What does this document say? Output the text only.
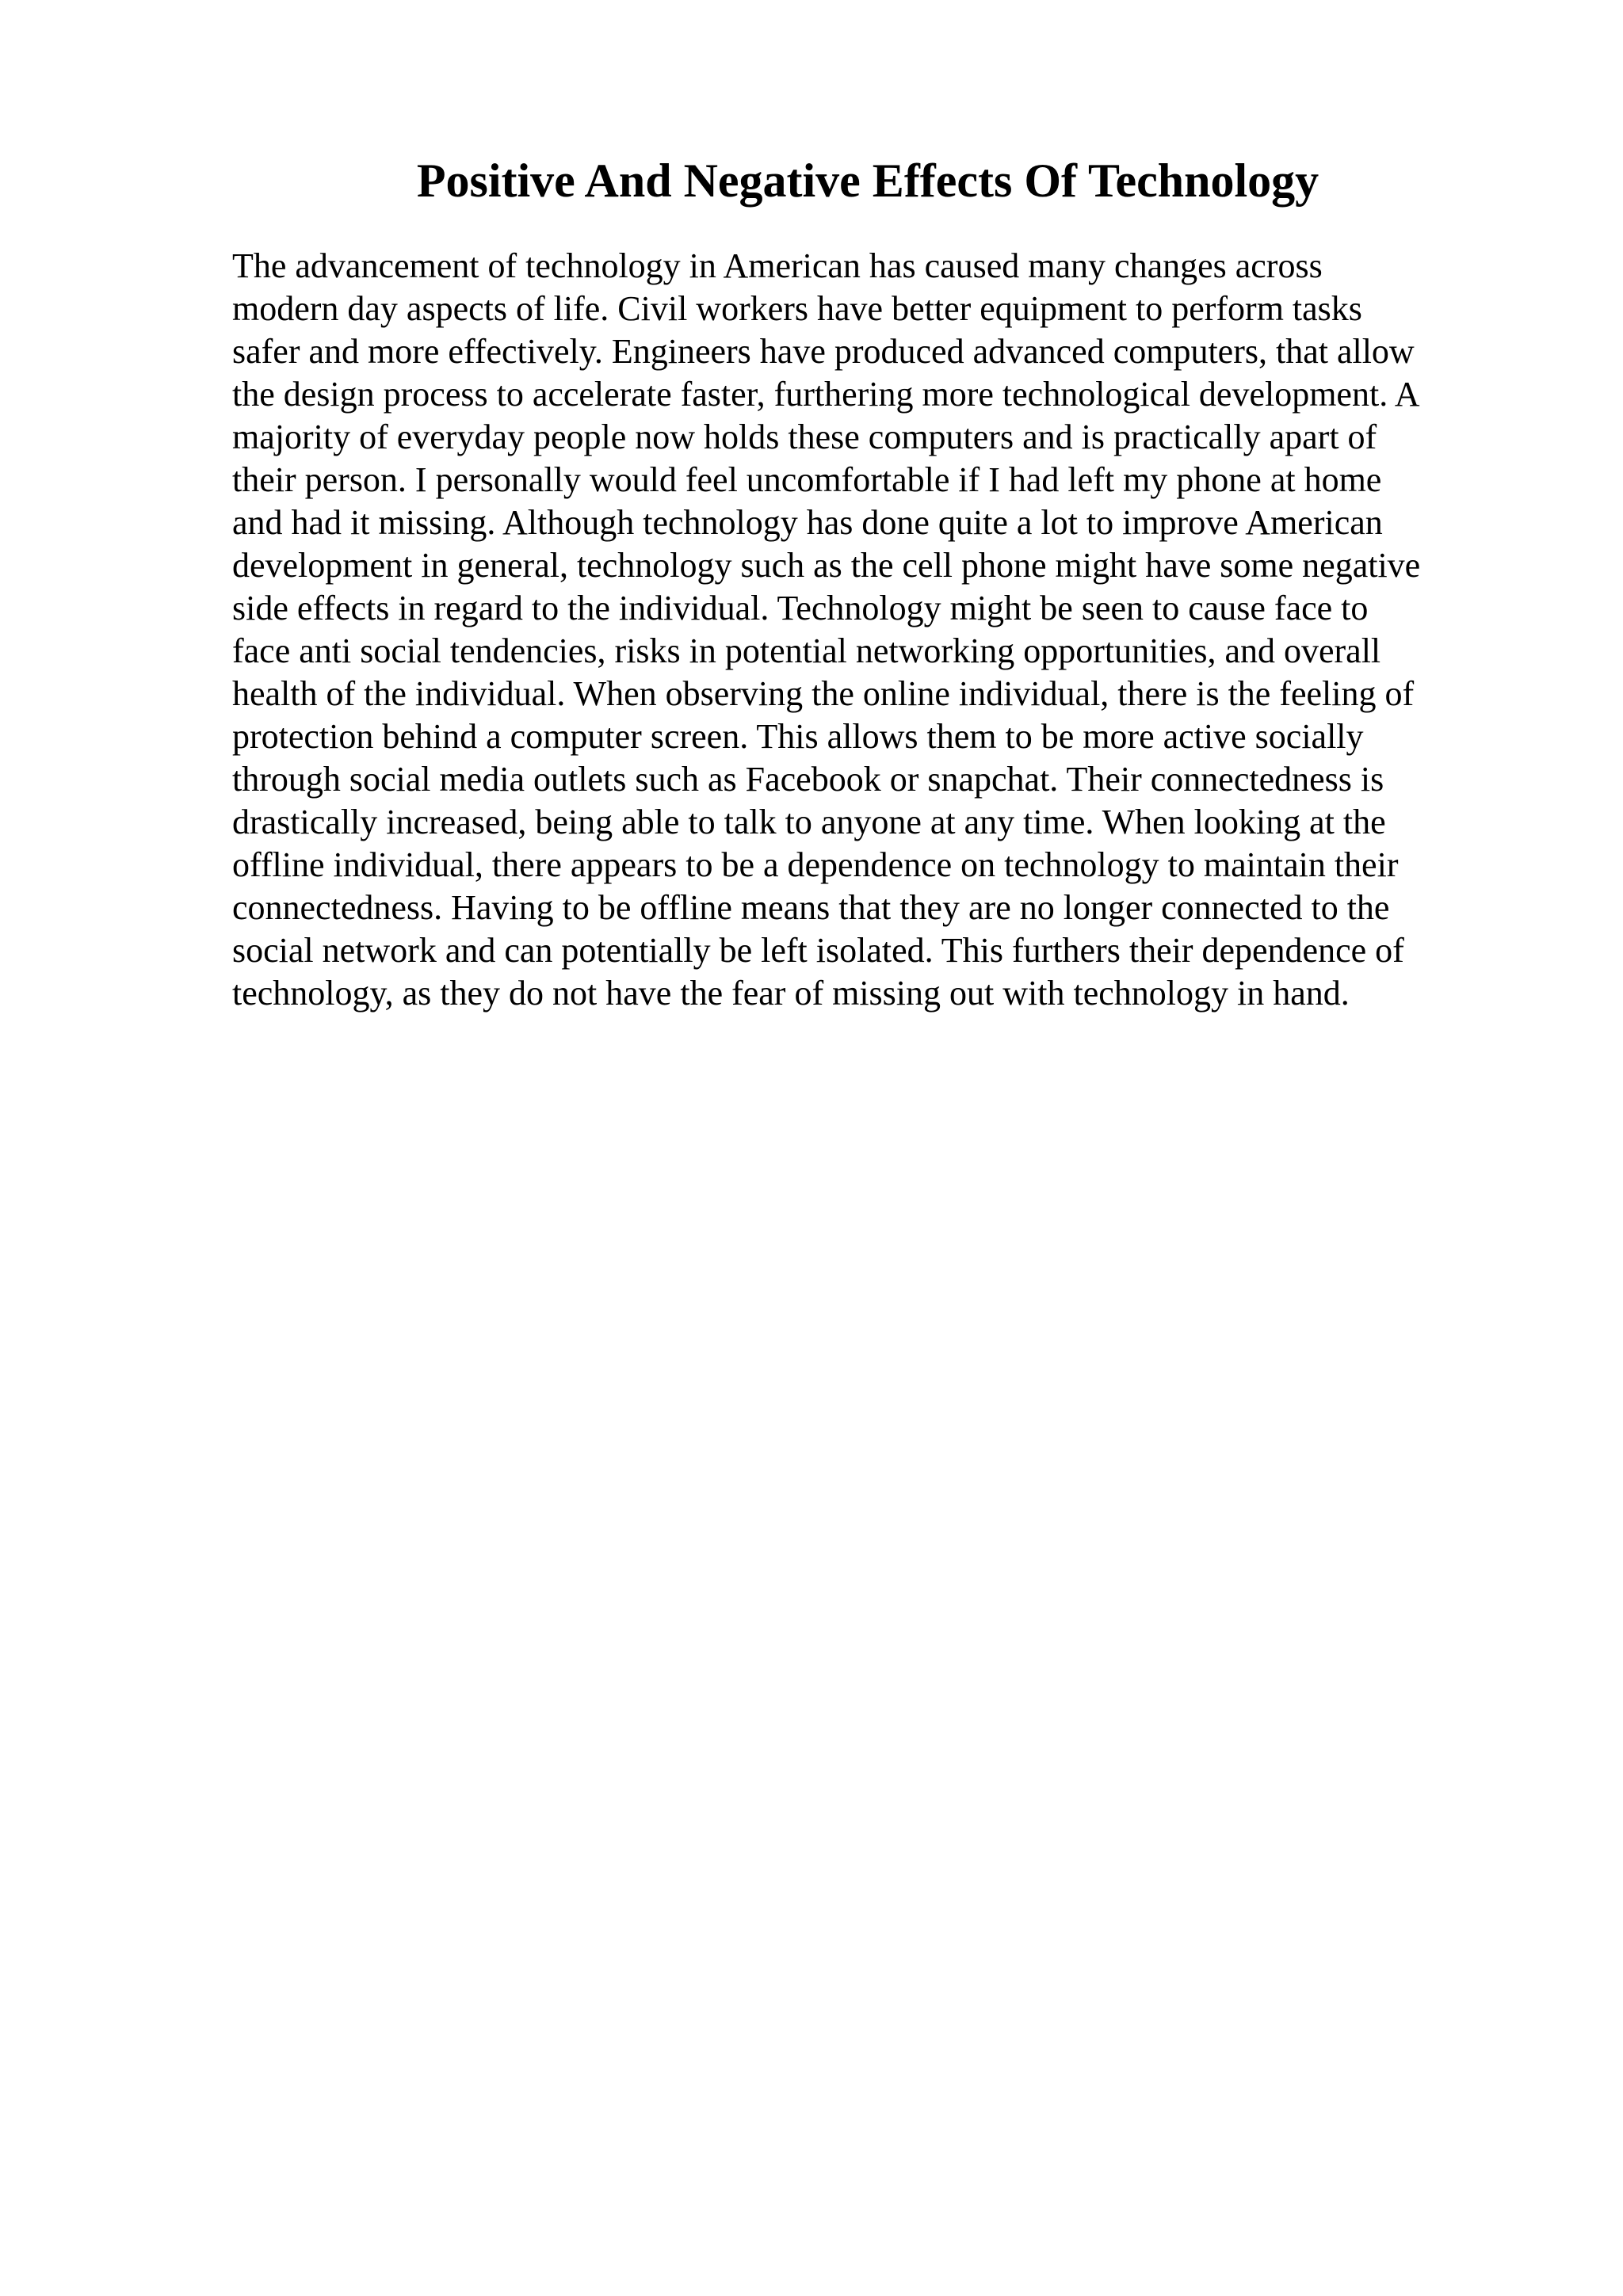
Positive And Negative Effects Of Technology
The advancement of technology in American has caused many changes across
modern day aspects of life. Civil workers have better equipment to perform tasks
safer and more effectively. Engineers have produced advanced computers, that allow
the design process to accelerate faster, furthering more technological development. A
majority of everyday people now holds these computers and is practically apart of
their person. I personally would feel uncomfortable if I had left my phone at home
and had it missing. Although technology has done quite a lot to improve American
development in general, technology such as the cell phone might have some negative
side effects in regard to the individual. Technology might be seen to cause face to
face anti social tendencies, risks in potential networking opportunities, and overall
health of the individual. When observing the online individual, there is the feeling of
protection behind a computer screen. This allows them to be more active socially
through social media outlets such as Facebook or snapchat. Their connectedness is
drastically increased, being able to talk to anyone at any time. When looking at the
offline individual, there appears to be a dependence on technology to maintain their
connectedness. Having to be offline means that they are no longer connected to the
social network and can potentially be left isolated. This furthers their dependence of
technology, as they do not have the fear of missing out with technology in hand.
